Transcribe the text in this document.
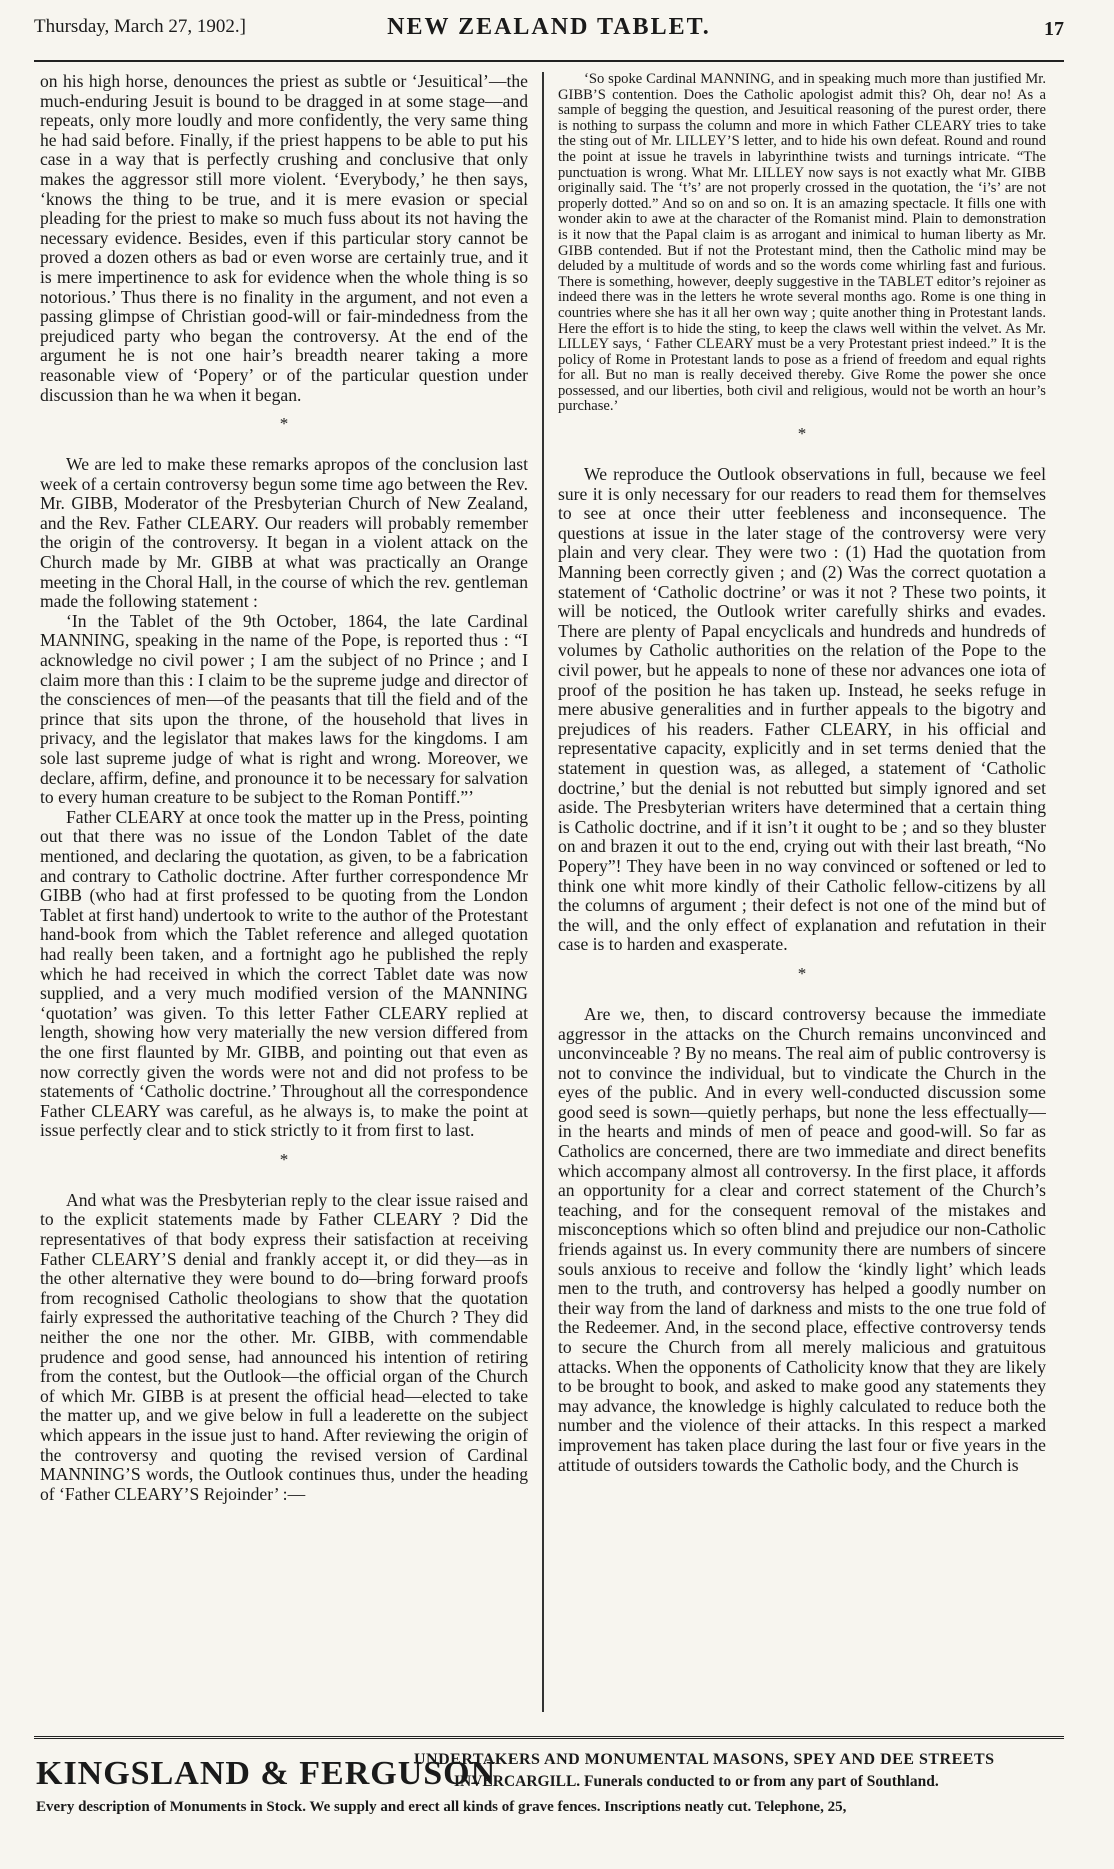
Thursday, March 27, 1902.]	NEW ZEALAND TABLET.	17

on his high horse, denounces the priest as subtle or ‘Jesuitical’—the much-enduring Jesuit is bound to be dragged in at some stage—and repeats, only more loudly and more confidently, the very same thing he had said before. Finally, if the priest happens to be able to put his case in a way that is perfectly crushing and conclusive that only makes the aggressor still more violent. ‘Everybody,’ he then says, ‘knows the thing to be true, and it is mere evasion or special pleading for the priest to make so much fuss about its not having the necessary evidence. Besides, even if this particular story cannot be proved a dozen others as bad or even worse are certainly true, and it is mere impertinence to ask for evidence when the whole thing is so notorious.’ Thus there is no finality in the argument, and not even a passing glimpse of Christian good-will or fair-mindedness from the prejudiced party who began the controversy. At the end of the argument he is not one hair’s breadth nearer taking a more reasonable view of ‘Popery’ or of the particular question under discussion than he wa when it began.

*

We are led to make these remarks apropos of the conclusion last week of a certain controversy begun some time ago between the Rev. Mr. GIBB, Moderator of the Presbyterian Church of New Zealand, and the Rev. Father CLEARY. Our readers will probably remember the origin of the controversy. It began in a violent attack on the Church made by Mr. GIBB at what was practically an Orange meeting in the Choral Hall, in the course of which the rev. gentleman made the following statement :

‘In the Tablet of the 9th October, 1864, the late Cardinal MANNING, speaking in the name of the Pope, is reported thus : “I acknowledge no civil power ; I am the subject of no Prince ; and I claim more than this : I claim to be the supreme judge and director of the consciences of men—of the peasants that till the field and of the prince that sits upon the throne, of the household that lives in privacy, and the legislator that makes laws for the kingdoms. I am sole last supreme judge of what is right and wrong. Moreover, we declare, affirm, define, and pronounce it to be necessary for salvation to every human creature to be subject to the Roman Pontiff.”’

Father CLEARY at once took the matter up in the Press, pointing out that there was no issue of the London Tablet of the date mentioned, and declaring the quotation, as given, to be a fabrication and contrary to Catholic doctrine. After further correspondence Mr GIBB (who had at first professed to be quoting from the London Tablet at first hand) undertook to write to the author of the Protestant hand-book from which the Tablet reference and alleged quotation had really been taken, and a fortnight ago he published the reply which he had received in which the correct Tablet date was now supplied, and a very much modified version of the MANNING ‘quotation’ was given. To this letter Father CLEARY replied at length, showing how very materially the new version differed from the one first flaunted by Mr. GIBB, and pointing out that even as now correctly given the words were not and did not profess to be statements of ‘Catholic doctrine.’ Throughout all the correspondence Father CLEARY was careful, as he always is, to make the point at issue perfectly clear and to stick strictly to it from first to last.

*

And what was the Presbyterian reply to the clear issue raised and to the explicit statements made by Father CLEARY ? Did the representatives of that body express their satisfaction at receiving Father CLEARY’S denial and frankly accept it, or did they—as in the other alternative they were bound to do—bring forward proofs from recognised Catholic theologians to show that the quotation fairly expressed the authoritative teaching of the Church ? They did neither the one nor the other. Mr. GIBB, with commendable prudence and good sense, had announced his intention of retiring from the contest, but the Outlook—the official organ of the Church of which Mr. GIBB is at present the official head—elected to take the matter up, and we give below in full a leaderette on the subject which appears in the issue just to hand. After reviewing the origin of the controversy and quoting the revised version of Cardinal MANNING’S words, the Outlook continues thus, under the heading of ‘Father CLEARY’S Rejoinder’ :—

‘So spoke Cardinal MANNING, and in speaking much more than justified Mr. GIBB’S contention. Does the Catholic apologist admit this? Oh, dear no! As a sample of begging the question, and Jesuitical reasoning of the purest order, there is nothing to surpass the column and more in which Father CLEARY tries to take the sting out of Mr. LILLEY’S letter, and to hide his own defeat. Round and round the point at issue he travels in labyrinthine twists and turnings intricate. “The punctuation is wrong. What Mr. LILLEY now says is not exactly what Mr. GIBB originally said. The ‘t’s’ are not properly crossed in the quotation, the ‘i’s’ are not properly dotted.” And so on and so on. It is an amazing spectacle. It fills one with wonder akin to awe at the character of the Romanist mind. Plain to demonstration is it now that the Papal claim is as arrogant and inimical to human liberty as Mr. GIBB contended. But if not the Protestant mind, then the Catholic mind may be deluded by a multitude of words and so the words come whirling fast and furious. There is something, however, deeply suggestive in the TABLET editor’s rejoiner as indeed there was in the letters he wrote several months ago. Rome is one thing in countries where she has it all her own way ; quite another thing in Protestant lands. Here the effort is to hide the sting, to keep the claws well within the velvet. As Mr. LILLEY says, ‘ Father CLEARY must be a very Protestant priest indeed.” It is the policy of Rome in Protestant lands to pose as a friend of freedom and equal rights for all. But no man is really deceived thereby. Give Rome the power she once possessed, and our liberties, both civil and religious, would not be worth an hour’s purchase.’

*

We reproduce the Outlook observations in full, because we feel sure it is only necessary for our readers to read them for themselves to see at once their utter feebleness and inconsequence. The questions at issue in the later stage of the controversy were very plain and very clear. They were two : (1) Had the quotation from Manning been correctly given ; and (2) Was the correct quotation a statement of ‘Catholic doctrine’ or was it not ? These two points, it will be noticed, the Outlook writer carefully shirks and evades. There are plenty of Papal encyclicals and hundreds and hundreds of volumes by Catholic authorities on the relation of the Pope to the civil power, but he appeals to none of these nor advances one iota of proof of the position he has taken up. Instead, he seeks refuge in mere abusive generalities and in further appeals to the bigotry and prejudices of his readers. Father CLEARY, in his official and representative capacity, explicitly and in set terms denied that the statement in question was, as alleged, a statement of ‘Catholic doctrine,’ but the denial is not rebutted but simply ignored and set aside. The Presbyterian writers have determined that a certain thing is Catholic doctrine, and if it isn’t it ought to be ; and so they bluster on and brazen it out to the end, crying out with their last breath, “No Popery”! They have been in no way convinced or softened or led to think one whit more kindly of their Catholic fellow-citizens by all the columns of argument ; their defect is not one of the mind but of the will, and the only effect of explanation and refutation in their case is to harden and exasperate.

*

Are we, then, to discard controversy because the immediate aggressor in the attacks on the Church remains unconvinced and unconvinceable ? By no means. The real aim of public controversy is not to convince the individual, but to vindicate the Church in the eyes of the public. And in every well-conducted discussion some good seed is sown—quietly perhaps, but none the less effectually—in the hearts and minds of men of peace and good-will. So far as Catholics are concerned, there are two immediate and direct benefits which accompany almost all controversy. In the first place, it affords an opportunity for a clear and correct statement of the Church’s teaching, and for the consequent removal of the mistakes and misconceptions which so often blind and prejudice our non-Catholic friends against us. In every community there are numbers of sincere souls anxious to receive and follow the ‘kindly light’ which leads men to the truth, and controversy has helped a goodly number on their way from the land of darkness and mists to the one true fold of the Redeemer. And, in the second place, effective controversy tends to secure the Church from all merely malicious and gratuitous attacks. When the opponents of Catholicity know that they are likely to be brought to book, and asked to make good any statements they may advance, the knowledge is highly calculated to reduce both the number and the violence of their attacks. In this respect a marked improvement has taken place during the last four or five years in the attitude of outsiders towards the Catholic body, and the Church is

KINGSLAND & FERGUSON
UNDERTAKERS AND MONUMENTAL MASONS, SPEY AND DEE STREETS
INVERCARGILL. Funerals conducted to or from any part of Southland.
Every description of Monuments in Stock. We supply and erect all kinds of grave fences. Inscriptions neatly cut. Telephone, 25,
